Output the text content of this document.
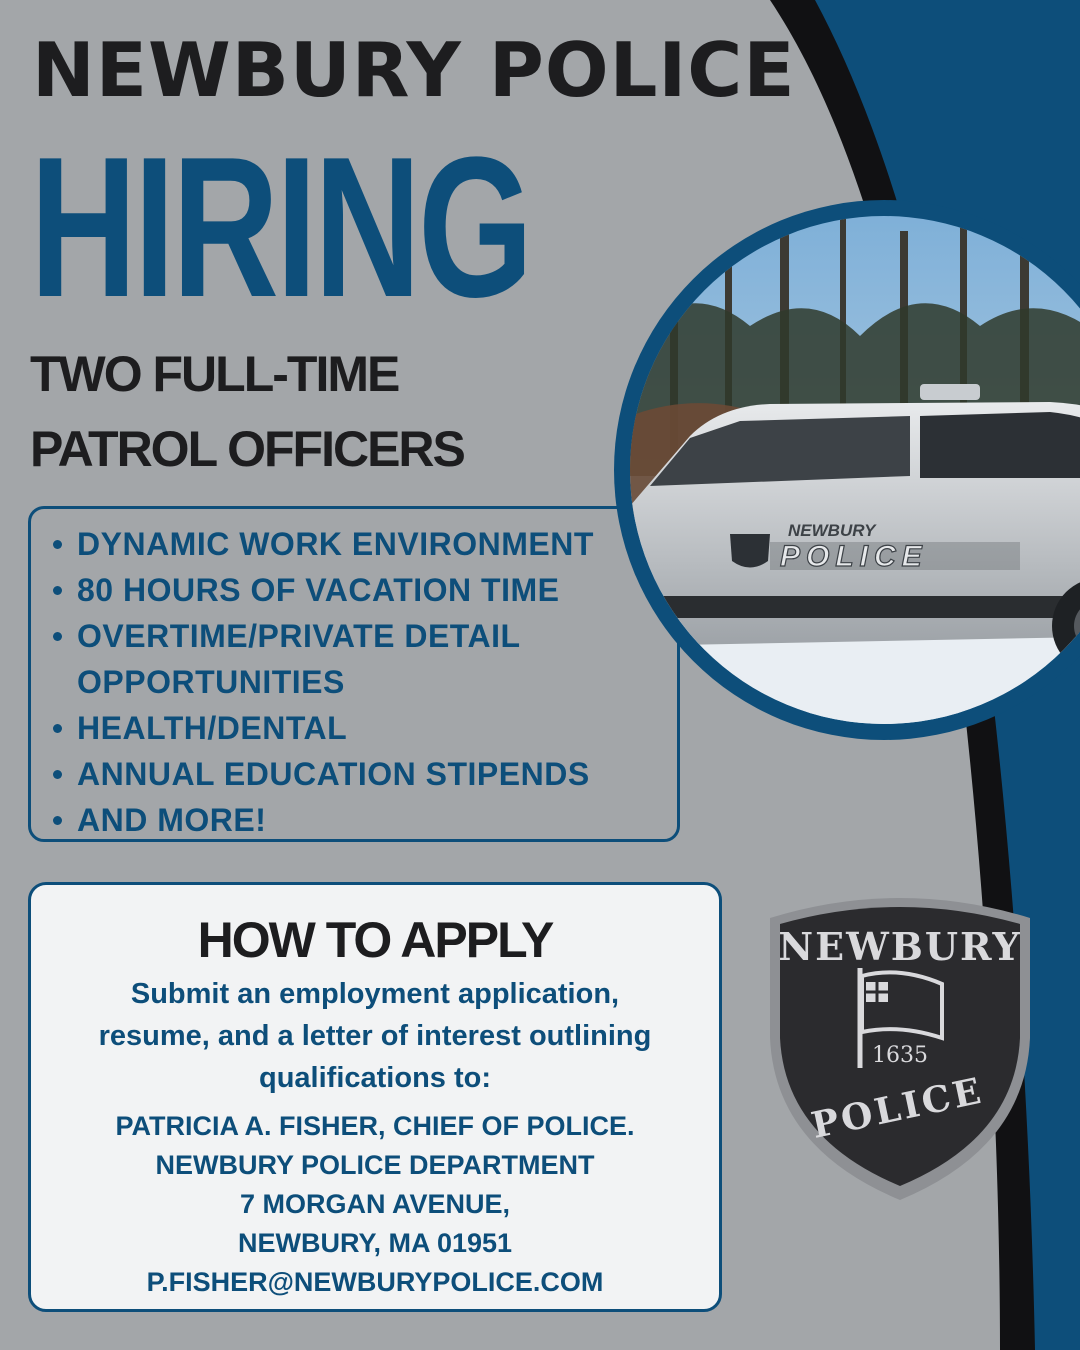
NEWBURY POLICE
HIRING
TWO FULL-TIME
PATROL OFFICERS
DYNAMIC WORK ENVIRONMENT
80 HOURS OF VACATION TIME
OVERTIME/PRIVATE DETAIL
OPPORTUNITIES
HEALTH/DENTAL
ANNUAL EDUCATION STIPENDS
AND MORE!
NEWBURY
POLICE
HOW TO APPLY
Submit an employment application,
resume, and a letter of interest outlining
qualifications to:
PATRICIA A. FISHER, CHIEF OF POLICE.
NEWBURY POLICE DEPARTMENT
7 MORGAN AVENUE,
NEWBURY, MA 01951
P.FISHER@NEWBURYPOLICE.COM
NEWBURY
1635
POLICE
